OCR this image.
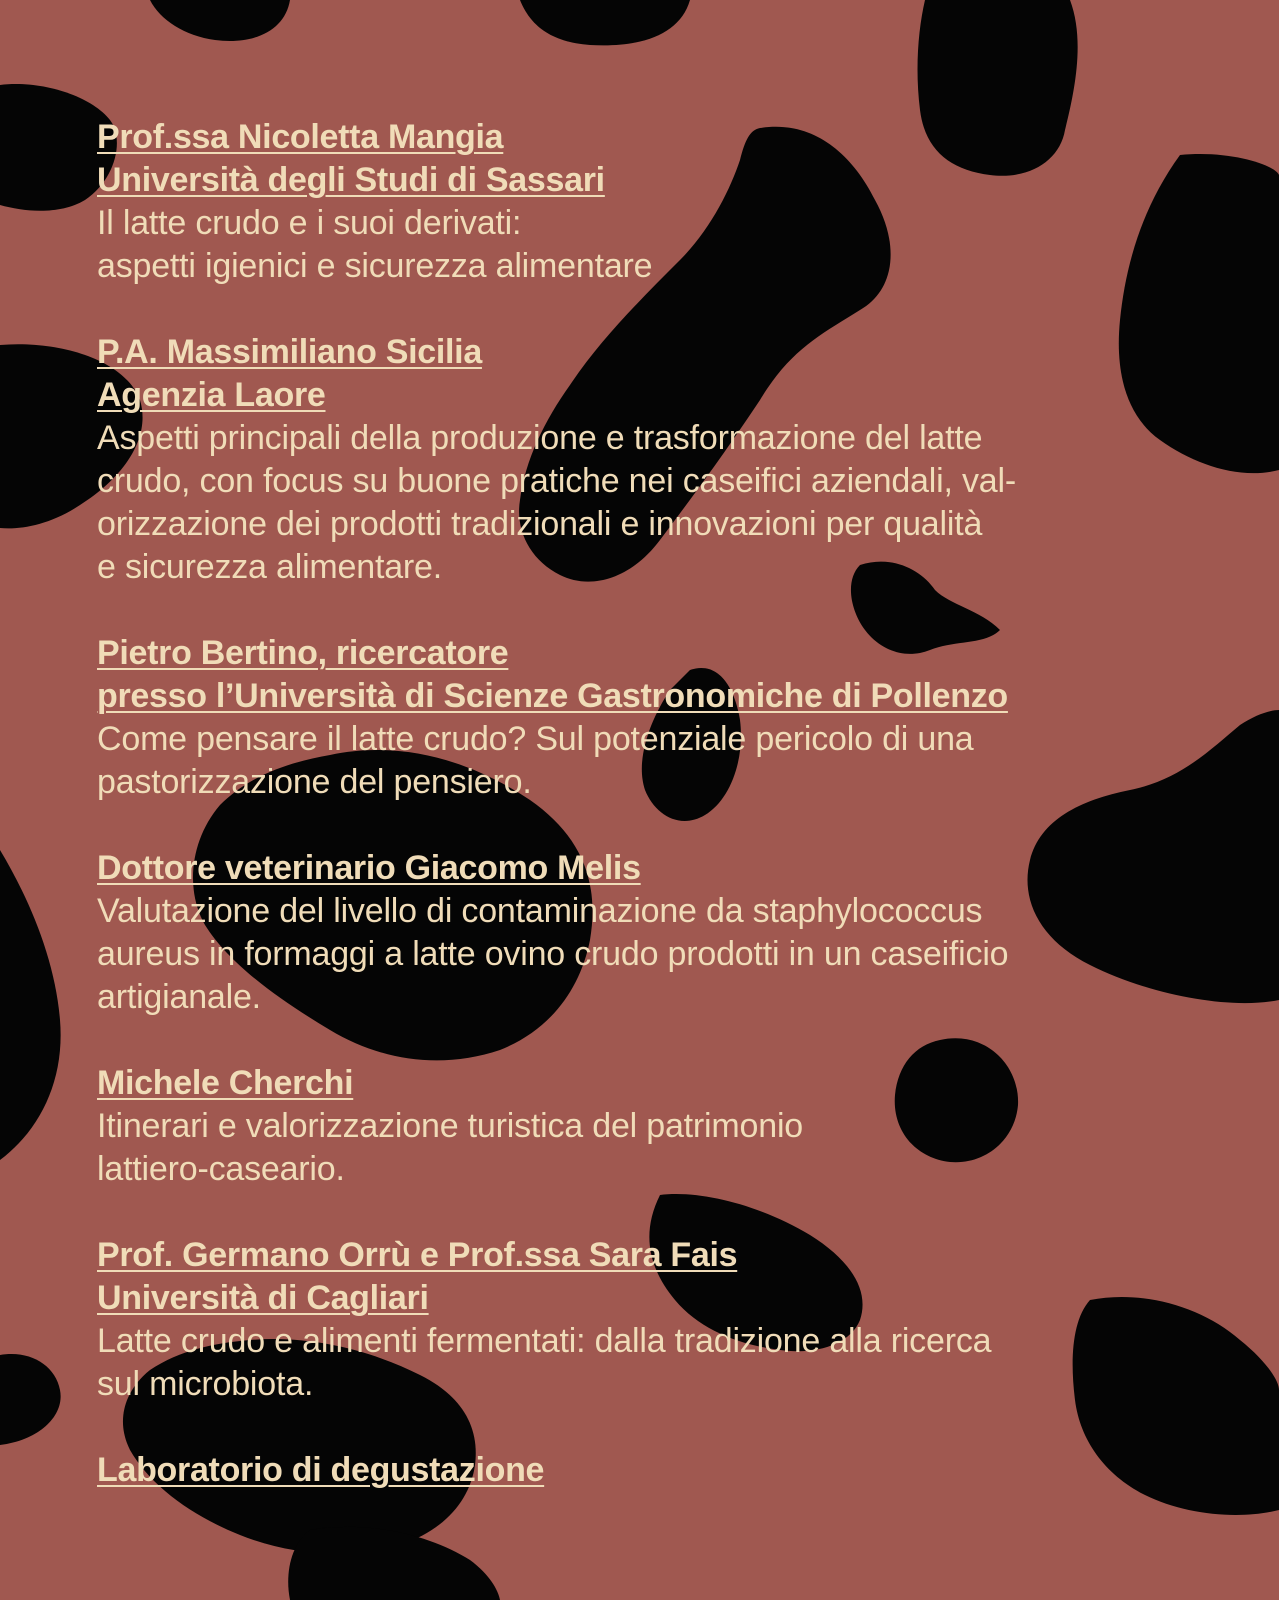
Prof.ssa Nicoletta Mangia
Università degli Studi di Sassari
Il latte crudo e i suoi derivati:
aspetti igienici e sicurezza alimentare
P.A. Massimiliano Sicilia
Agenzia Laore
Aspetti principali della produzione e trasformazione del latte
crudo, con focus su buone pratiche nei caseifici aziendali, val-
orizzazione dei prodotti tradizionali e innovazioni per qualità
e sicurezza alimentare.
Pietro Bertino, ricercatore
presso l’Università di Scienze Gastronomiche di Pollenzo
Come pensare il latte crudo? Sul potenziale pericolo di una
pastorizzazione del pensiero.
Dottore veterinario Giacomo Melis
Valutazione del livello di contaminazione da staphylococcus
aureus in formaggi a latte ovino crudo prodotti in un caseificio
artigianale.
Michele Cherchi
Itinerari e valorizzazione turistica del patrimonio
lattiero-caseario.
Prof. Germano Orrù e Prof.ssa Sara Fais
Università di Cagliari
Latte crudo e alimenti fermentati: dalla tradizione alla ricerca
sul microbiota.
Laboratorio di degustazione
